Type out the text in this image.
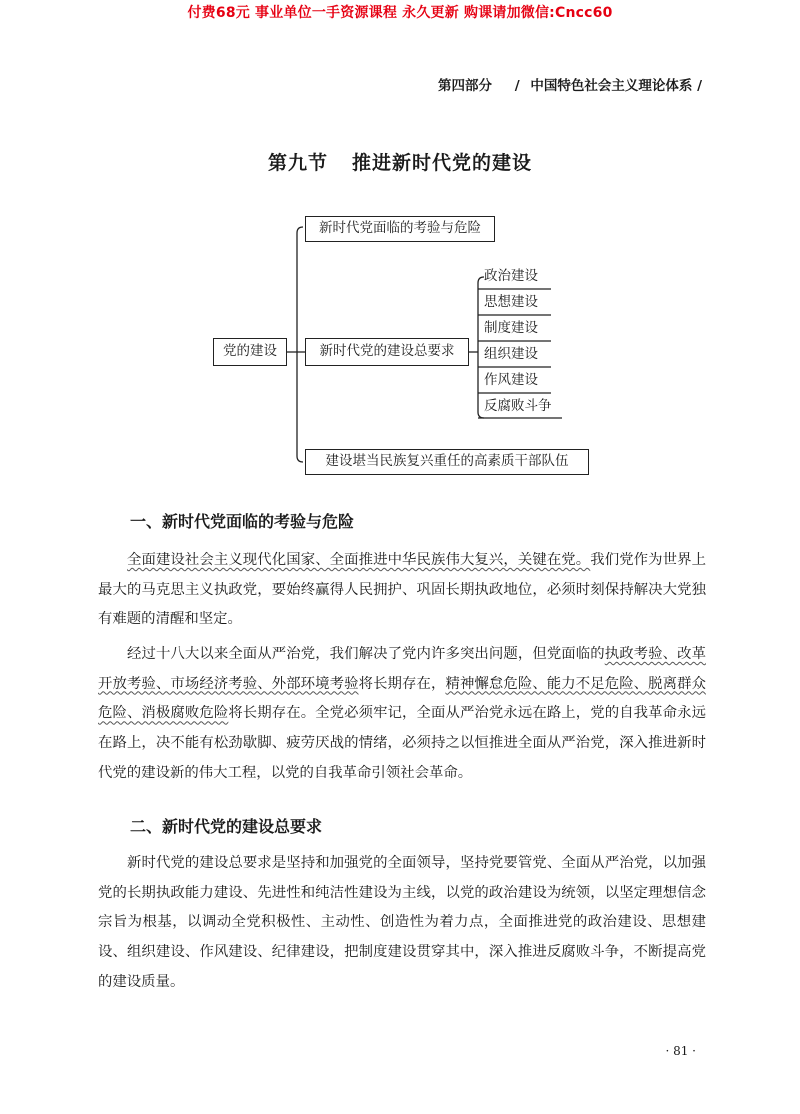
付费68元 事业单位一手资源课程 永久更新 购课请加微信:Cncc60
第四部分 / 中国特色社会主义理论体系 /
第九节 推进新时代党的建设
党的建设
新时代党面临的考验与危险
新时代党的建设总要求
建设堪当民族复兴重任的高素质干部队伍
政治建设
思想建设
制度建设
组织建设
作风建设
反腐败斗争
一、新时代党面临的考验与危险

全面建设社会主义现代化国家、全面推进中华民族伟大复兴，关键在党。我们党作为世界上最大的马克思主义执政党，要始终赢得人民拥护、巩固长期执政地位，必须时刻保持解决大党独有难题的清醒和坚定。

经过十八大以来全面从严治党，我们解决了党内许多突出问题，但党面临的执政考验、改革开放考验、市场经济考验、外部环境考验将长期存在，精神懈怠危险、能力不足危险、脱离群众危险、消极腐败危险将长期存在。全党必须牢记，全面从严治党永远在路上，党的自我革命永远在路上，决不能有松劲歇脚、疲劳厌战的情绪，必须持之以恒推进全面从严治党，深入推进新时代党的建设新的伟大工程，以党的自我革命引领社会革命。

二、新时代党的建设总要求

新时代党的建设总要求是坚持和加强党的全面领导，坚持党要管党、全面从严治党，以加强党的长期执政能力建设、先进性和纯洁性建设为主线，以党的政治建设为统领，以坚定理想信念宗旨为根基，以调动全党积极性、主动性、创造性为着力点，全面推进党的政治建设、思想建设、组织建设、作风建设、纪律建设，把制度建设贯穿其中，深入推进反腐败斗争，不断提高党的建设质量。

· 81 ·
